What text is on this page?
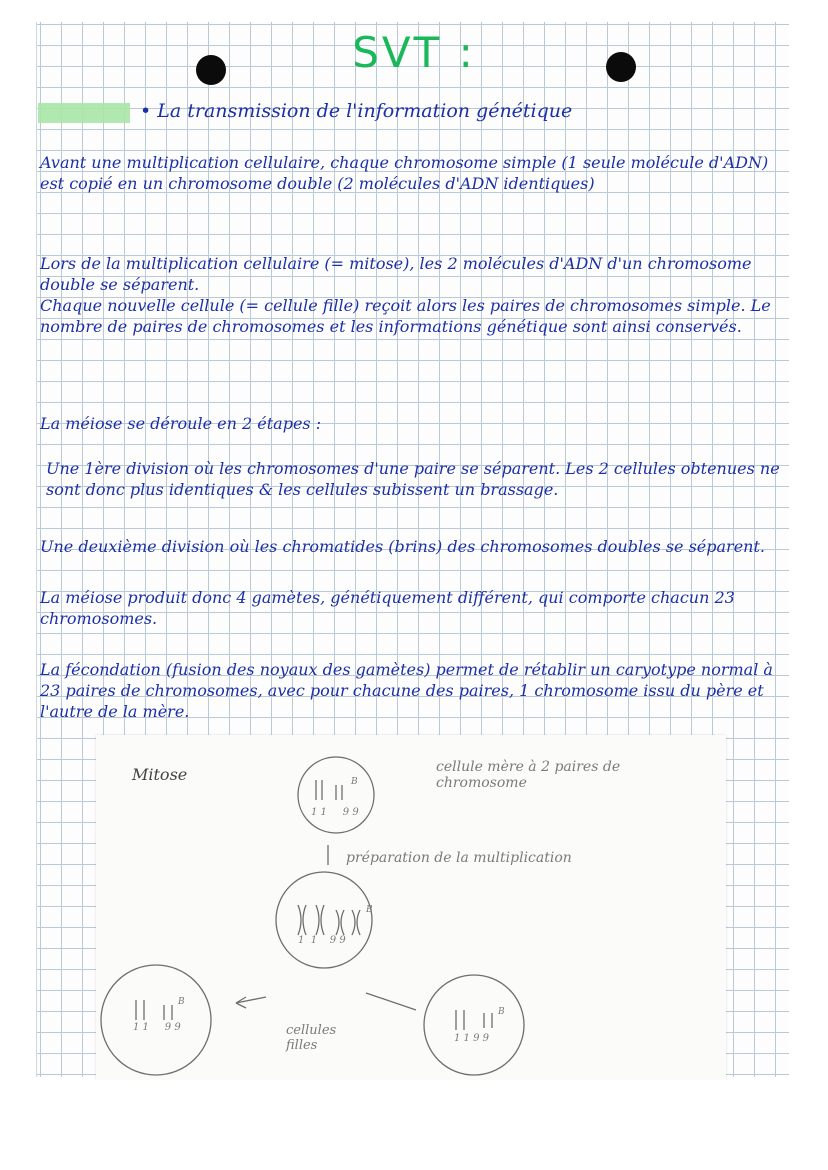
SVT :
• La transmission de l'information génétique
Avant une multiplication cellulaire, chaque chromosome simple (1 seule molécule d'ADN) est copié en un chromosome double (2 molécules d'ADN identiques)
Lors de la multiplication cellulaire (= mitose), les 2 molécules d'ADN d'un chromosome double se séparent.
Chaque nouvelle cellule (= cellule fille) reçoit alors les paires de chromosomes simple. Le nombre de paires de chromosomes et les informations génétique sont ainsi conservés.
La méiose se déroule en 2 étapes :
Une 1ère division où les chromosomes d'une paire se séparent. Les 2 cellules obtenues ne sont donc plus identiques & les cellules subissent un brassage.
Une deuxième division où les chromatides (brins) des chromosomes doubles se séparent.
La méiose produit donc 4 gamètes, génétiquement différent, qui comporte chacun 23 chromosomes.
La fécondation (fusion des noyaux des gamètes) permet de rétablir un caryotype normal à 23 paires de chromosomes, avec pour chacune des paires, 1 chromosome issu du père et l'autre de la mère.
Mitose	cellule mère à 2 paires de chromosome
préparation de la multiplication
cellules filles
1 1     9 9
B
1  1    9 9
B
1 1     9 9
B
1 1 9 9
B
